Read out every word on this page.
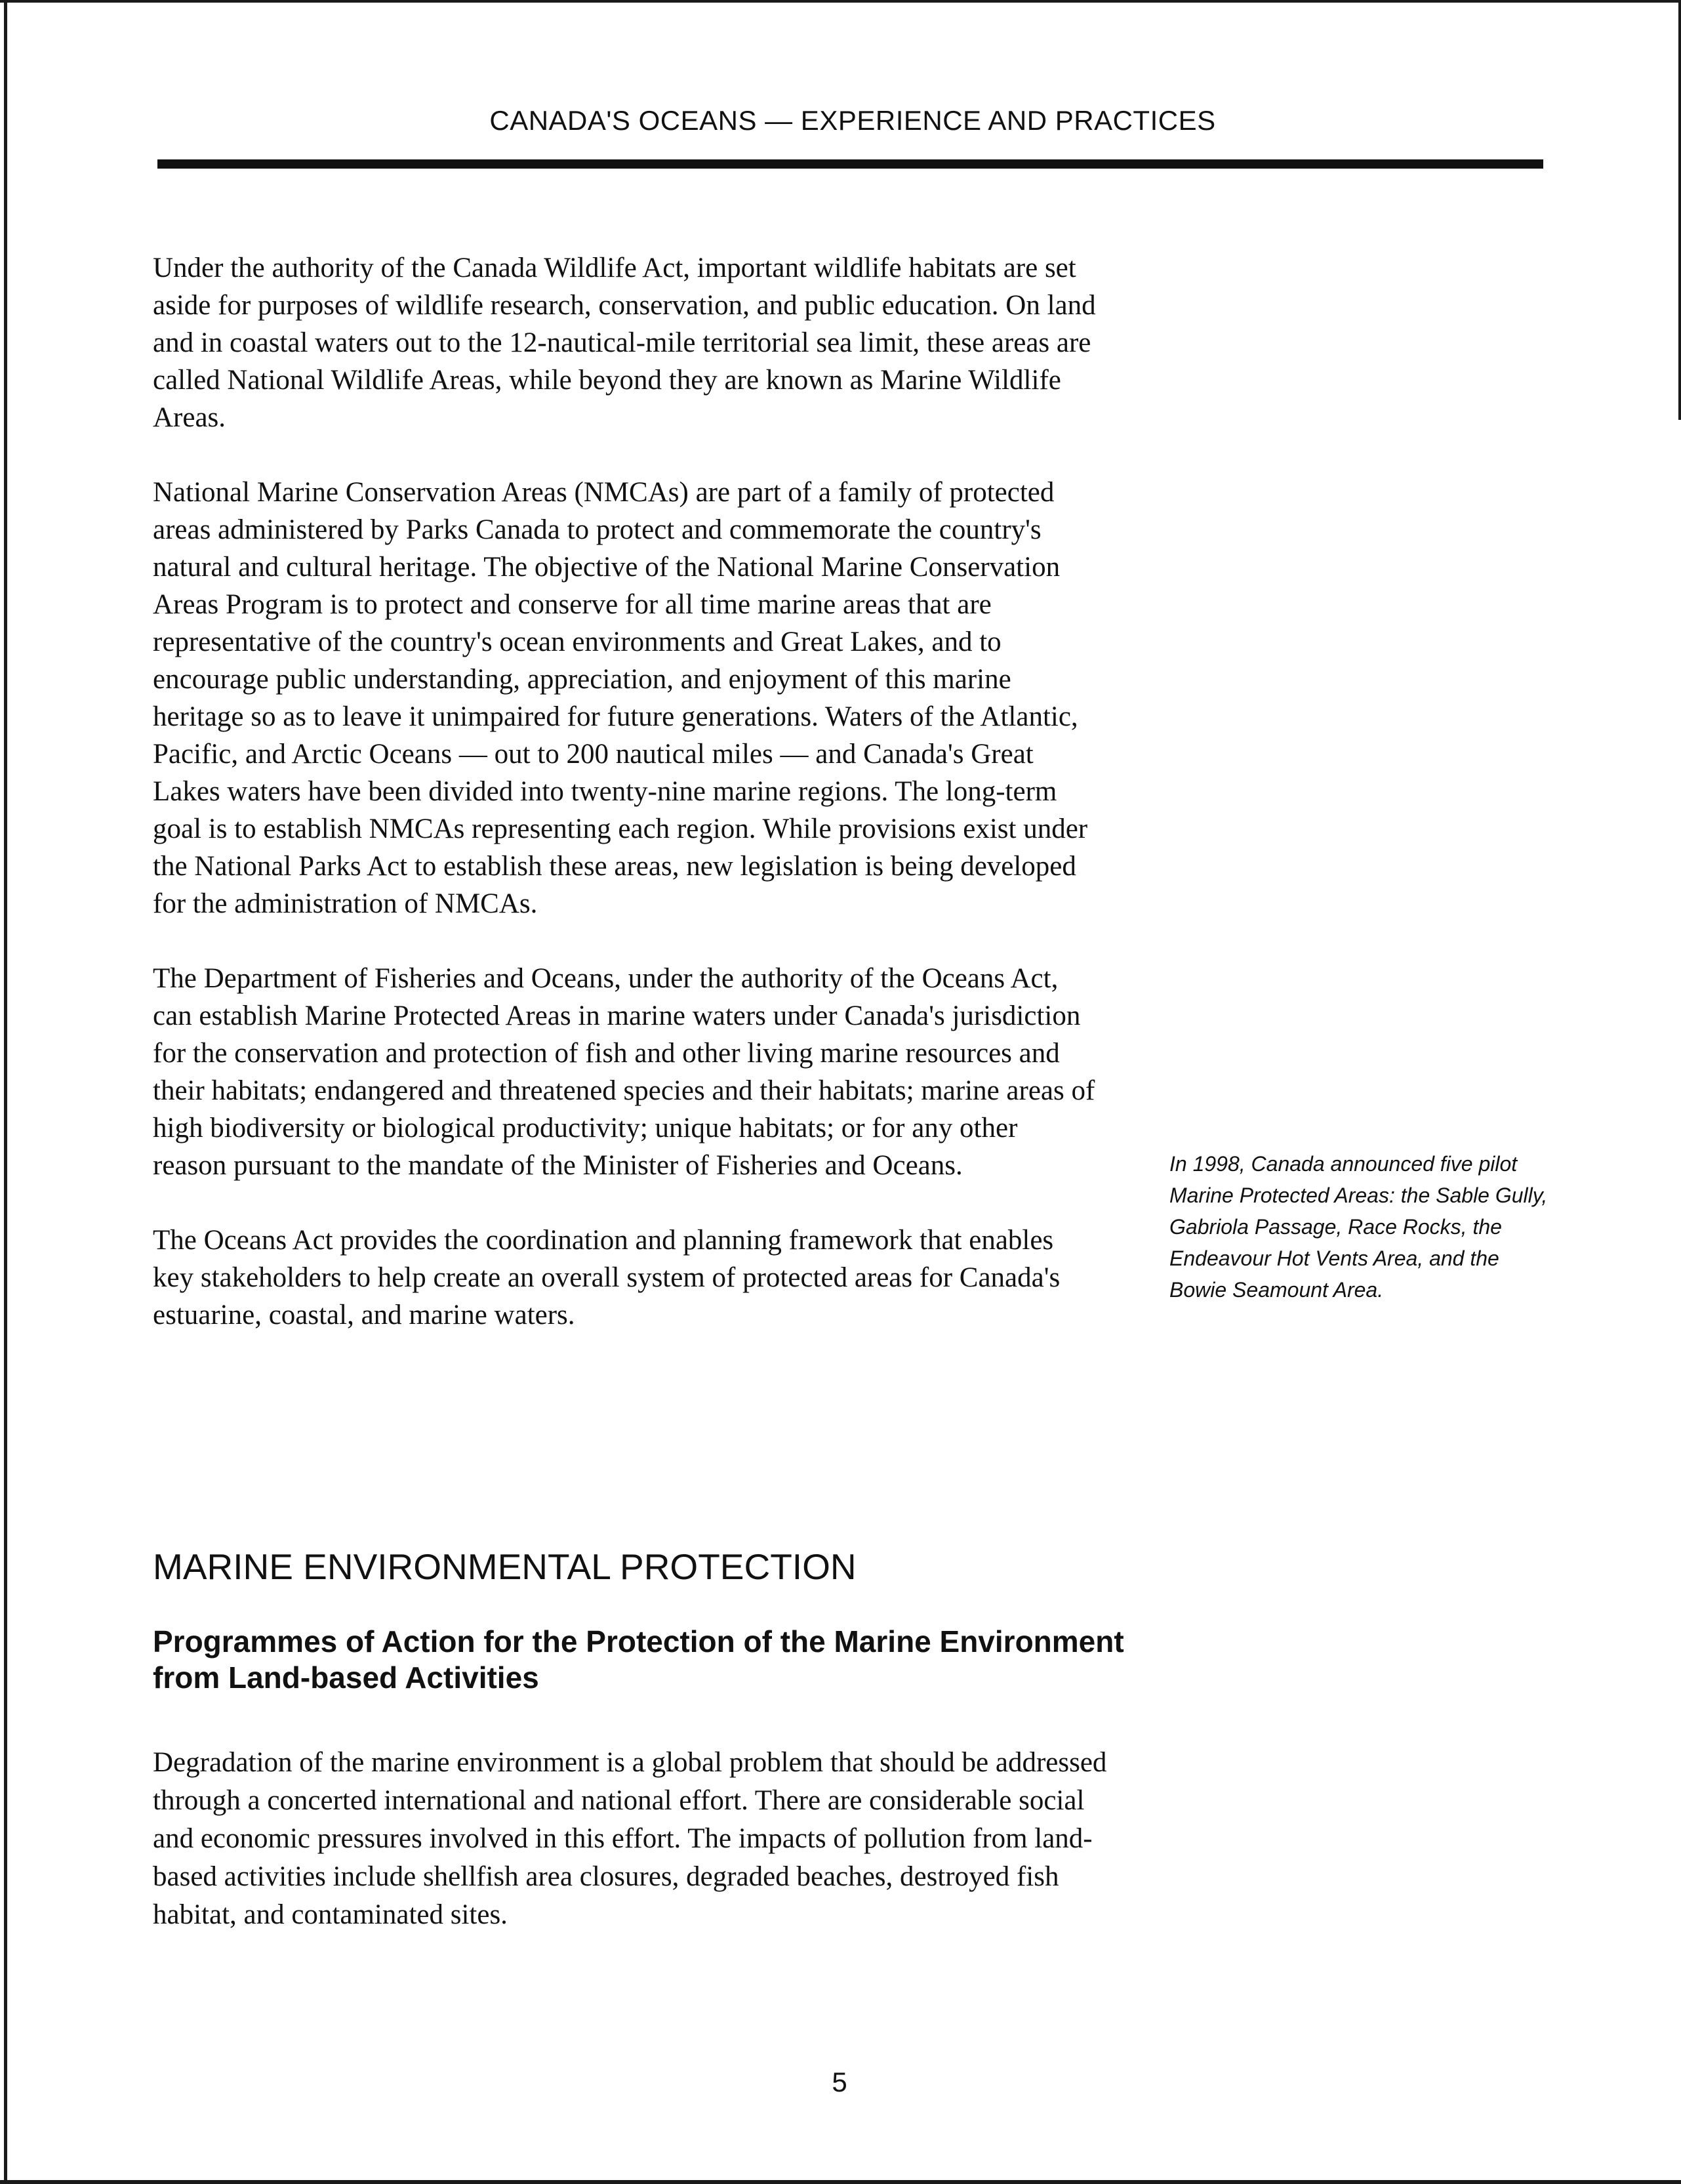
CANADA'S OCEANS — EXPERIENCE AND PRACTICES

Under the authority of the Canada Wildlife Act, important wildlife habitats are set aside for purposes of wildlife research, conservation, and public education. On land and in coastal waters out to the 12-nautical-mile territorial sea limit, these areas are called National Wildlife Areas, while beyond they are known as Marine Wildlife Areas.

National Marine Conservation Areas (NMCAs) are part of a family of protected areas administered by Parks Canada to protect and commemorate the country's natural and cultural heritage. The objective of the National Marine Conservation Areas Program is to protect and conserve for all time marine areas that are representative of the country's ocean environments and Great Lakes, and to encourage public understanding, appreciation, and enjoyment of this marine heritage so as to leave it unimpaired for future generations. Waters of the Atlantic, Pacific, and Arctic Oceans — out to 200 nautical miles — and Canada's Great Lakes waters have been divided into twenty-nine marine regions. The long-term goal is to establish NMCAs representing each region. While provisions exist under the National Parks Act to establish these areas, new legislation is being developed for the administration of NMCAs.

The Department of Fisheries and Oceans, under the authority of the Oceans Act, can establish Marine Protected Areas in marine waters under Canada's jurisdiction for the conservation and protection of fish and other living marine resources and their habitats; endangered and threatened species and their habitats; marine areas of high biodiversity or biological productivity; unique habitats; or for any other reason pursuant to the mandate of the Minister of Fisheries and Oceans.

The Oceans Act provides the coordination and planning framework that enables key stakeholders to help create an overall system of protected areas for Canada's estuarine, coastal, and marine waters.

In 1998, Canada announced five pilot Marine Protected Areas: the Sable Gully, Gabriola Passage, Race Rocks, the Endeavour Hot Vents Area, and the Bowie Seamount Area.
MARINE ENVIRONMENTAL PROTECTION
Programmes of Action for the Protection of the Marine Environment from Land-based Activities

Degradation of the marine environment is a global problem that should be addressed through a concerted international and national effort. There are considerable social and economic pressures involved in this effort. The impacts of pollution from land-based activities include shellfish area closures, degraded beaches, destroyed fish habitat, and contaminated sites.

5
